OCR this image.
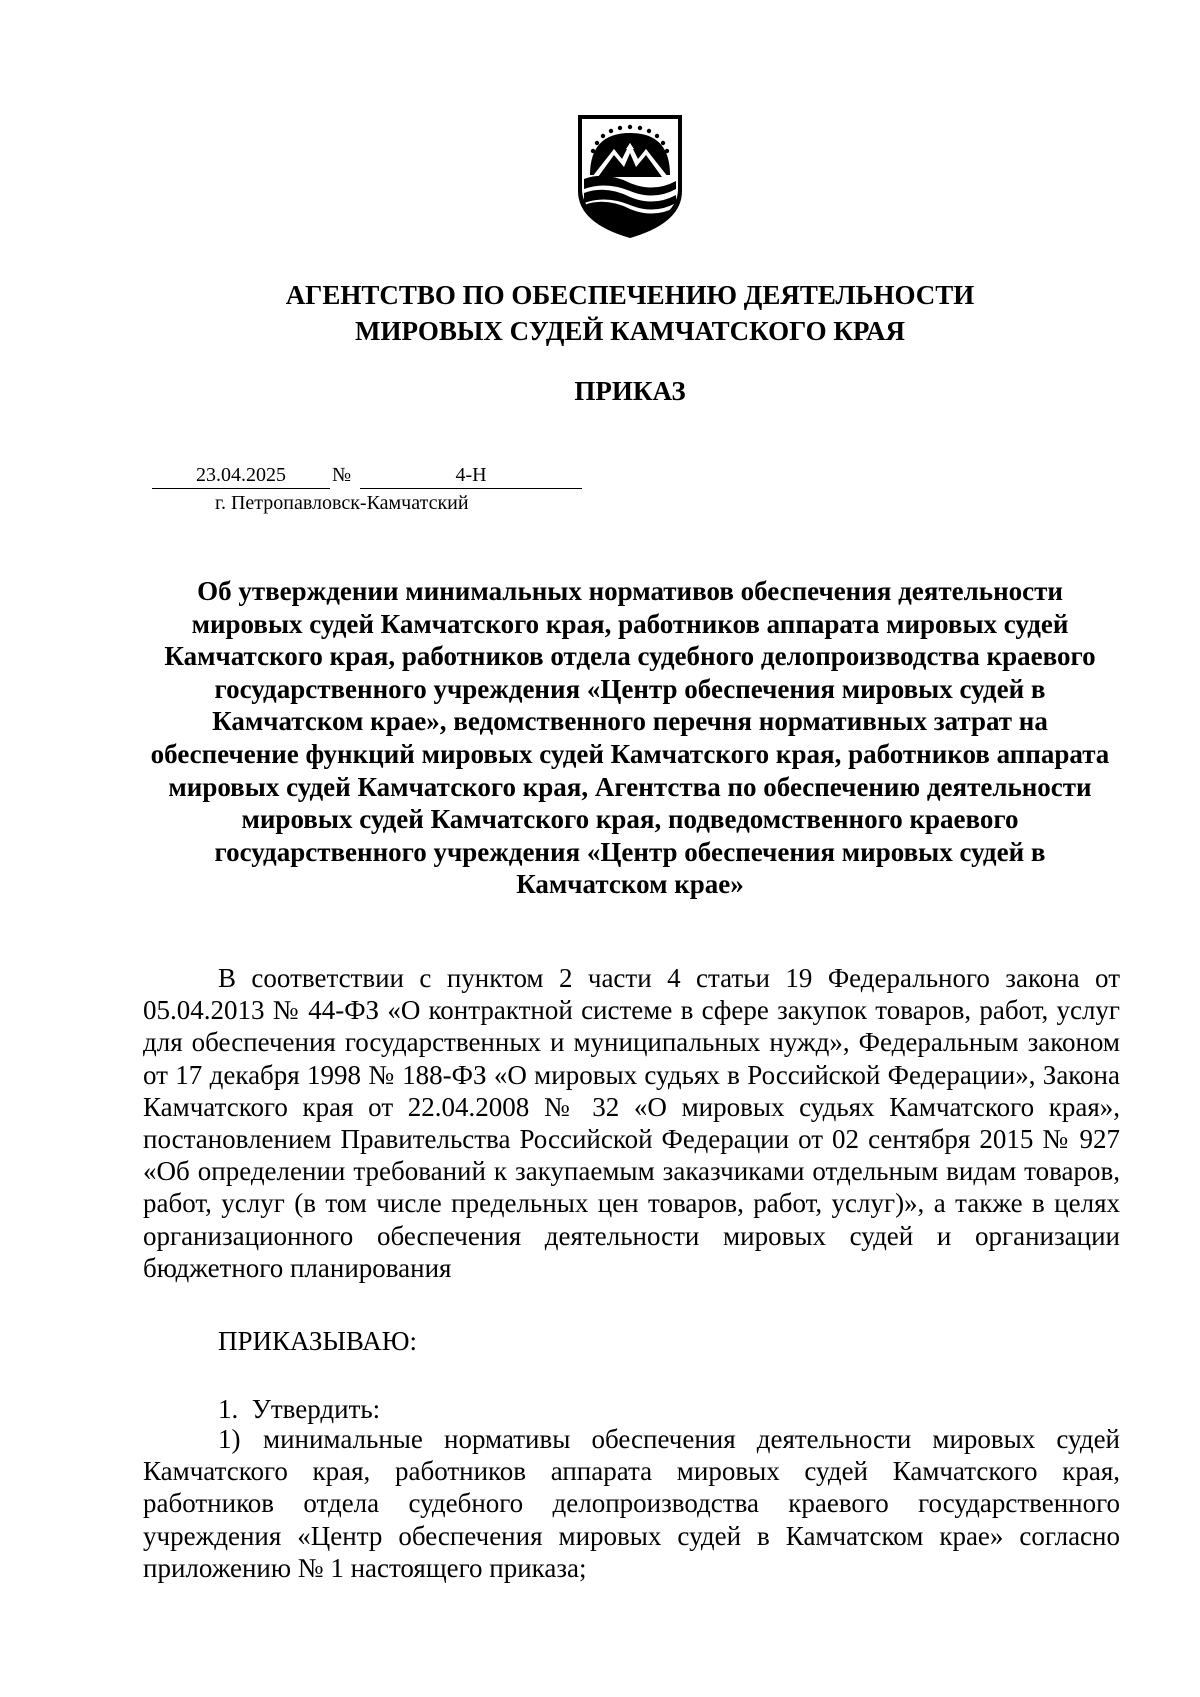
АГЕНТСТВО ПО ОБЕСПЕЧЕНИЮ ДЕЯТЕЛЬНОСТИ
МИРОВЫХ СУДЕЙ КАМЧАТСКОГО КРАЯ
ПРИКАЗ
23.04.2025	№	4-Н
г. Петропавловск-Камчатский
Об утверждении минимальных нормативов обеспечения деятельности мировых судей Камчатского края, работников аппарата мировых судей Камчатского края, работников отдела судебного делопроизводства краевого государственного учреждения «Центр обеспечения мировых судей в Камчатском крае», ведомственного перечня нормативных затрат на обеспечение функций мировых судей Камчатского края, работников аппарата мировых судей Камчатского края, Агентства по обеспечению деятельности мировых судей Камчатского края, подведомственного краевого государственного учреждения «Центр обеспечения мировых судей в Камчатском крае»
В соответствии с пунктом 2 части 4 статьи 19 Федерального закона от 05.04.2013 № 44-ФЗ «О контрактной системе в сфере закупок товаров, работ, услуг для обеспечения государственных и муниципальных нужд», Федеральным законом от 17 декабря 1998 № 188-ФЗ «О мировых судьях в Российской Федерации», Закона Камчатского края от 22.04.2008 № 32 «О мировых судьях Камчатского края», постановлением Правительства Российской Федерации от 02 сентября 2015 № 927 «Об определении требований к закупаемым заказчиками отдельным видам товаров, работ, услуг (в том числе предельных цен товаров, работ, услуг)», а также в целях организационного обеспечения деятельности мировых судей и организации бюджетного планирования
ПРИКАЗЫВАЮ:
1. Утвердить:
1) минимальные нормативы обеспечения деятельности мировых судей Камчатского края, работников аппарата мировых судей Камчатского края, работников отдела судебного делопроизводства краевого государственного учреждения «Центр обеспечения мировых судей в Камчатском крае» согласно приложению № 1 настоящего приказа;
